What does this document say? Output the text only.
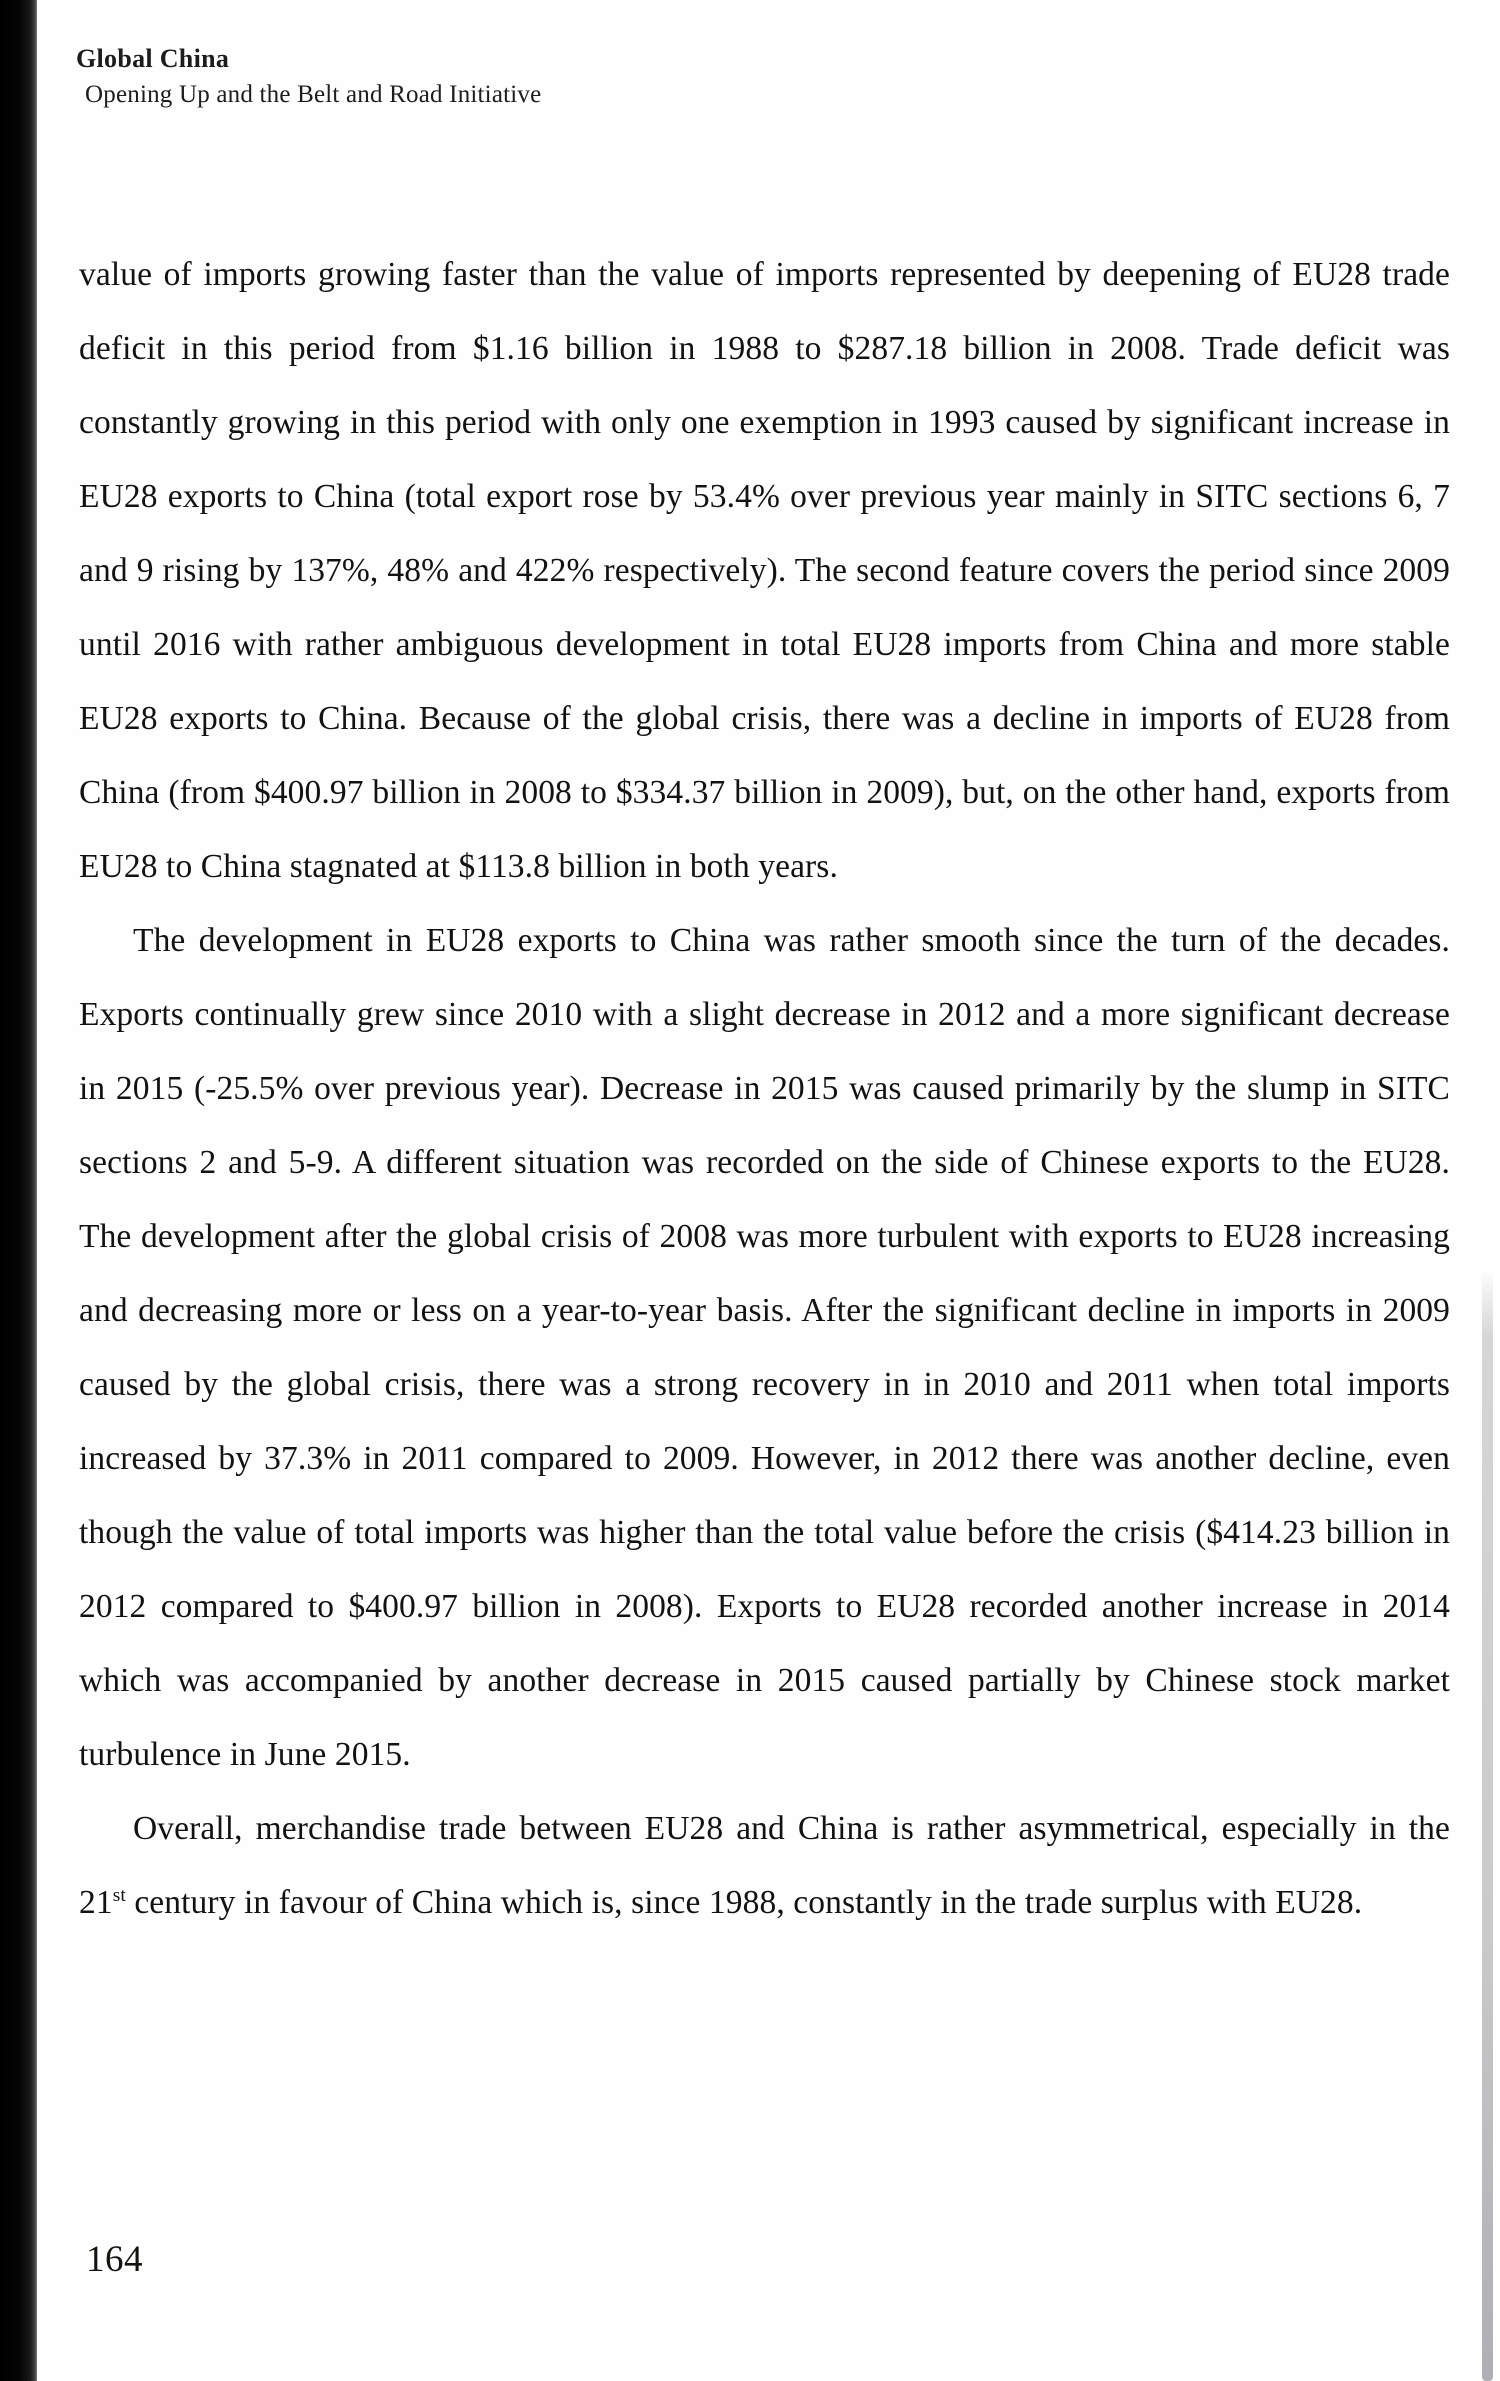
Global China
Opening Up and the Belt and Road Initiative

value of imports growing faster than the value of imports represented by deepening of EU28 trade deficit in this period from $1.16 billion in 1988 to $287.18 billion in 2008. Trade deficit was constantly growing in this period with only one exemption in 1993 caused by significant increase in EU28 exports to China (total export rose by 53.4% over previous year mainly in SITC sections 6, 7 and 9 rising by 137%, 48% and 422% respectively). The second feature covers the period since 2009 until 2016 with rather ambiguous development in total EU28 imports from China and more stable EU28 exports to China. Because of the global crisis, there was a decline in imports of EU28 from China (from $400.97 billion in 2008 to $334.37 billion in 2009), but, on the other hand, exports from EU28 to China stagnated at $113.8 billion in both years.

The development in EU28 exports to China was rather smooth since the turn of the decades. Exports continually grew since 2010 with a slight decrease in 2012 and a more significant decrease in 2015 (-25.5% over previous year). Decrease in 2015 was caused primarily by the slump in SITC sections 2 and 5-9. A different situation was recorded on the side of Chinese exports to the EU28. The development after the global crisis of 2008 was more turbulent with exports to EU28 increasing and decreasing more or less on a year-to-year basis. After the significant decline in imports in 2009 caused by the global crisis, there was a strong recovery in in 2010 and 2011 when total imports increased by 37.3% in 2011 compared to 2009. However, in 2012 there was another decline, even though the value of total imports was higher than the total value before the crisis ($414.23 billion in 2012 compared to $400.97 billion in 2008). Exports to EU28 recorded another increase in 2014 which was accompanied by another decrease in 2015 caused partially by Chinese stock market turbulence in June 2015.

Overall, merchandise trade between EU28 and China is rather asymmetrical, especially in the 21st century in favour of China which is, since 1988, constantly in the trade surplus with EU28.

164
